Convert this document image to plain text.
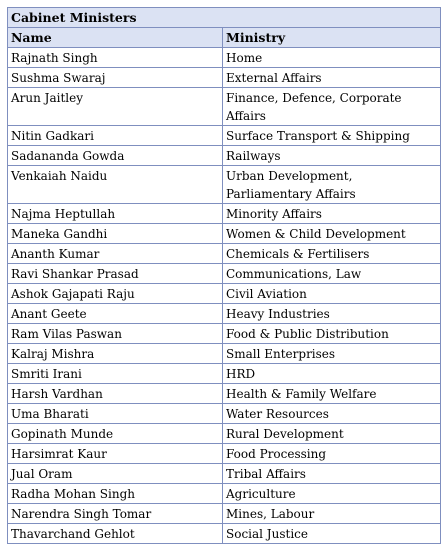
Cabinet Ministers	
Name	Ministry
Rajnath Singh	Home
Sushma Swaraj	External Affairs
Arun Jaitley	Finance, Defence, Corporate Affairs
Nitin Gadkari	Surface Transport & Shipping
Sadananda Gowda	Railways
Venkaiah Naidu	Urban Development, Parliamentary Affairs
Najma Heptullah	Minority Affairs
Maneka Gandhi	Women & Child Development
Ananth Kumar	Chemicals & Fertilisers
Ravi Shankar Prasad	Communications, Law
Ashok Gajapati Raju	Civil Aviation
Anant Geete	Heavy Industries
Ram Vilas Paswan	Food & Public Distribution
Kalraj Mishra	Small Enterprises
Smriti Irani	HRD
Harsh Vardhan	Health & Family Welfare
Uma Bharati	Water Resources
Gopinath Munde	Rural Development
Harsimrat Kaur	Food Processing
Jual Oram	Tribal Affairs
Radha Mohan Singh	Agriculture
Narendra Singh Tomar	Mines, Labour
Thavarchand Gehlot	Social Justice
